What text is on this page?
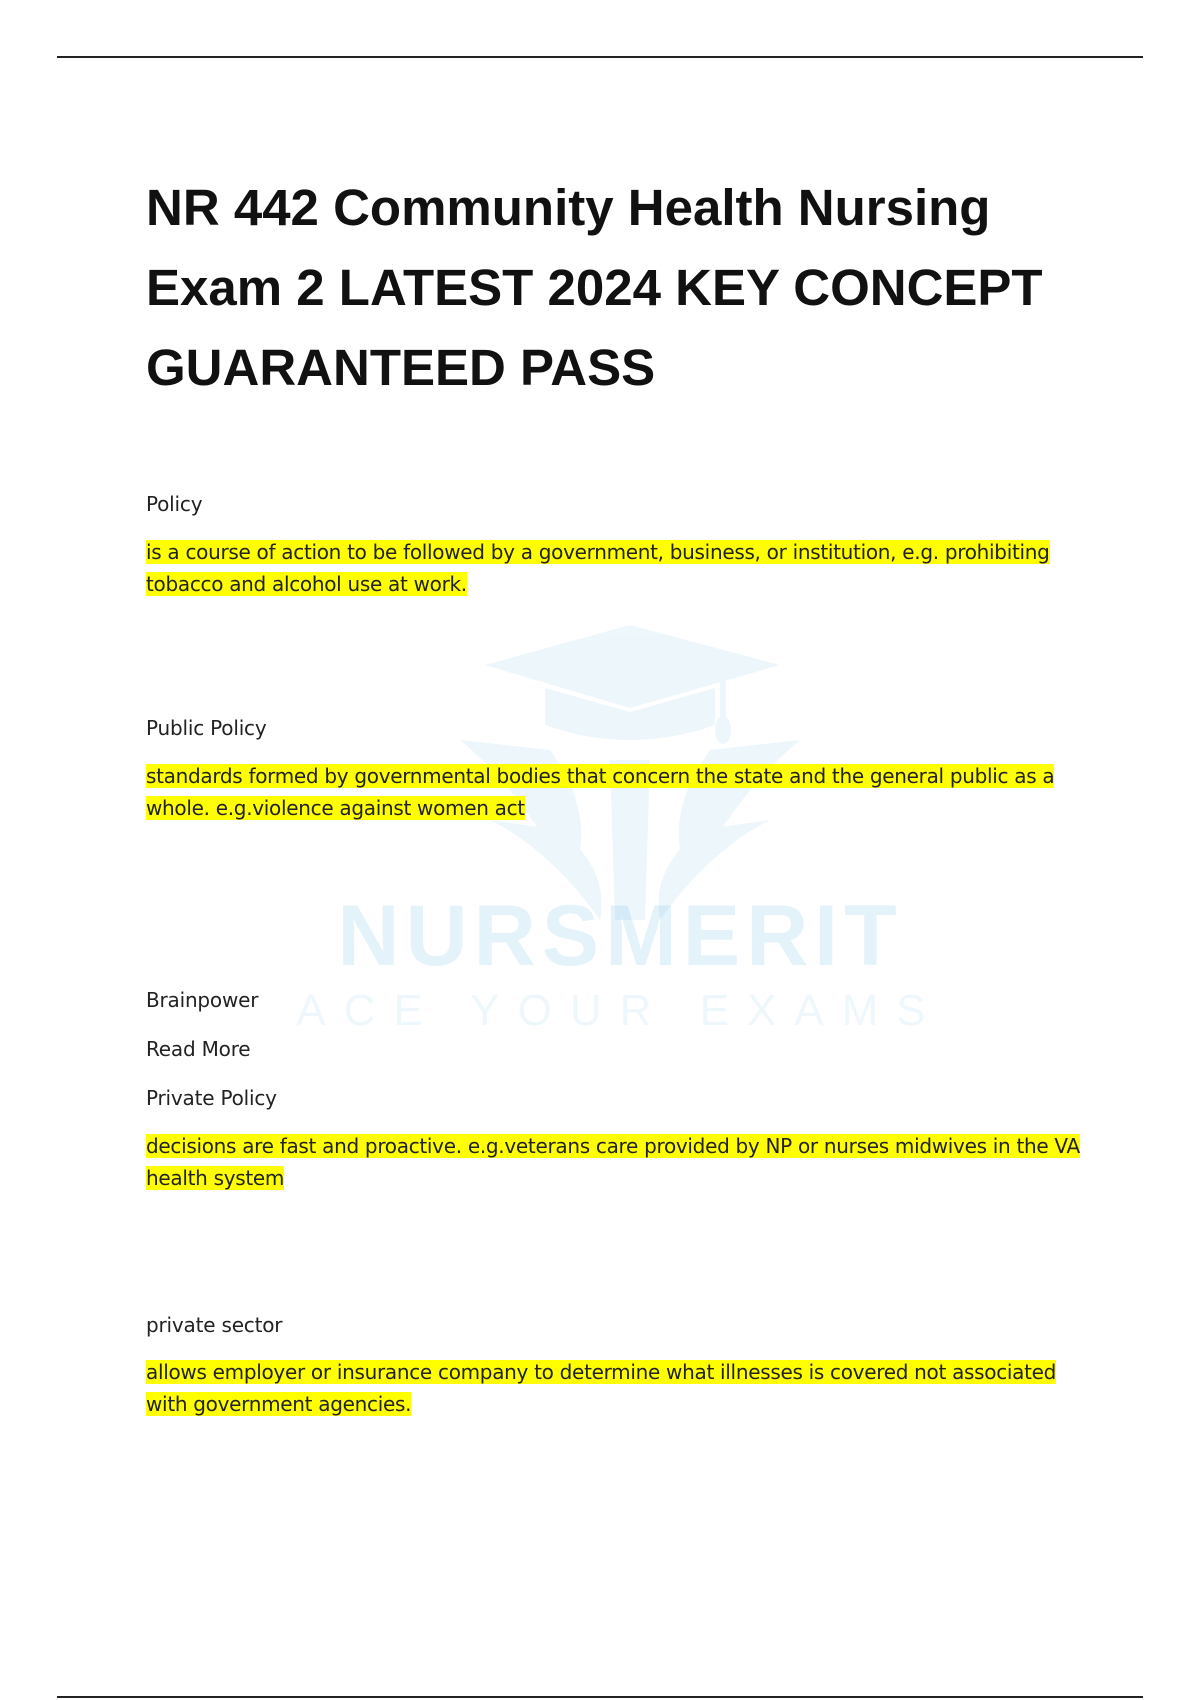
NURSMERIT
ACE YOUR EXAMS
NR 442 Community Health Nursing Exam 2 LATEST 2024 KEY CONCEPT GUARANTEED PASS

Policy

is a course of action to be followed by a government, business, or institution, e.g. prohibiting tobacco and alcohol use at work.

Public Policy

standards formed by governmental bodies that concern the state and the general public as a whole. e.g.violence against women act

Brainpower

Read More

Private Policy

decisions are fast and proactive. e.g.veterans care provided by NP or nurses midwives in the VA health system

private sector

allows employer or insurance company to determine what illnesses is covered not associated with government agencies.
